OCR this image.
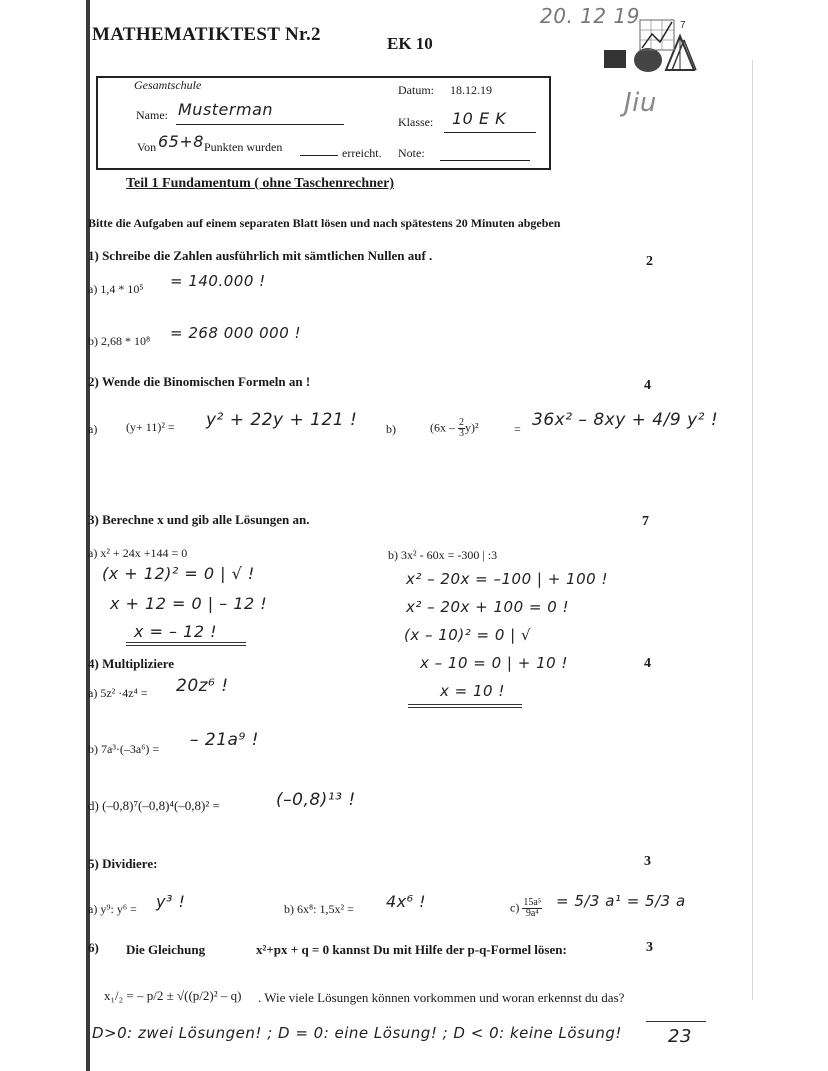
MATHEMATIKTEST Nr.2	EK 10
20. 12 19	7
Jiu
Gesamtschule
Name: Musterman
Datum: 18.12.19
Klasse: 10 E K
Von 65+8 Punkten wurden	erreicht. Note:
Teil 1 Fundamentum ( ohne Taschenrechner)
Bitte die Aufgaben auf einem separaten Blatt lösen und nach spätestens 20 Minuten abgeben
1) Schreibe die Zahlen ausführlich mit sämtlichen Nullen auf .	2
a) 1,4 * 10⁵ = 140.000 !
b) 2,68 * 10⁸ = 268 000 000 !
2) Wende die Binomischen Formeln an !	4
a) (y+ 11)² = y² + 22y + 121 ! b)	$(6x - \frac{2}{3} y)^2$	= 36x² – 8xy + 4/9 y² !
3) Berechne x und gib alle Lösungen an.	7
a) x² + 24x +144 = 0
(x + 12)² = 0 | √ !
x + 12 = 0 | – 12 !
x = – 12 !
b) 3x² - 60x = -300 | :3
x² – 20x = –100 | + 100 !
x² – 20x + 100 = 0 !
(x – 10)² = 0 | √
x – 10 = 0 | + 10 !
x = 10 !
4) Multipliziere	4
a) 5z² ·4z⁴ = 20z⁶ !
b) 7a³·(–3a⁶) = – 21a⁹ !
d) (–0,8)⁷(–0,8)⁴(–0,8)² =	(–0,8)¹³ !
5) Dividiere:	3
a) y⁹: y⁶ = y³ !	b) 6x⁸: 1,5x² = 4x⁶ !	$c) \frac{\text{15a⁵}}{\text{9a⁴}} = 5/3$ a¹ = 5/3 a
6) Die Gleichung	x²+px + q = 0 kannst Du mit Hilfe der p-q-Formel lösen:	3
x₁/₂ = – p/2 ± √((p/2)² – q) . Wie viele Lösungen können vorkommen und woran erkennst du das?
D>0: zwei Lösungen! ; D = 0: eine Lösung! ; D < 0: keine Lösung!	23
